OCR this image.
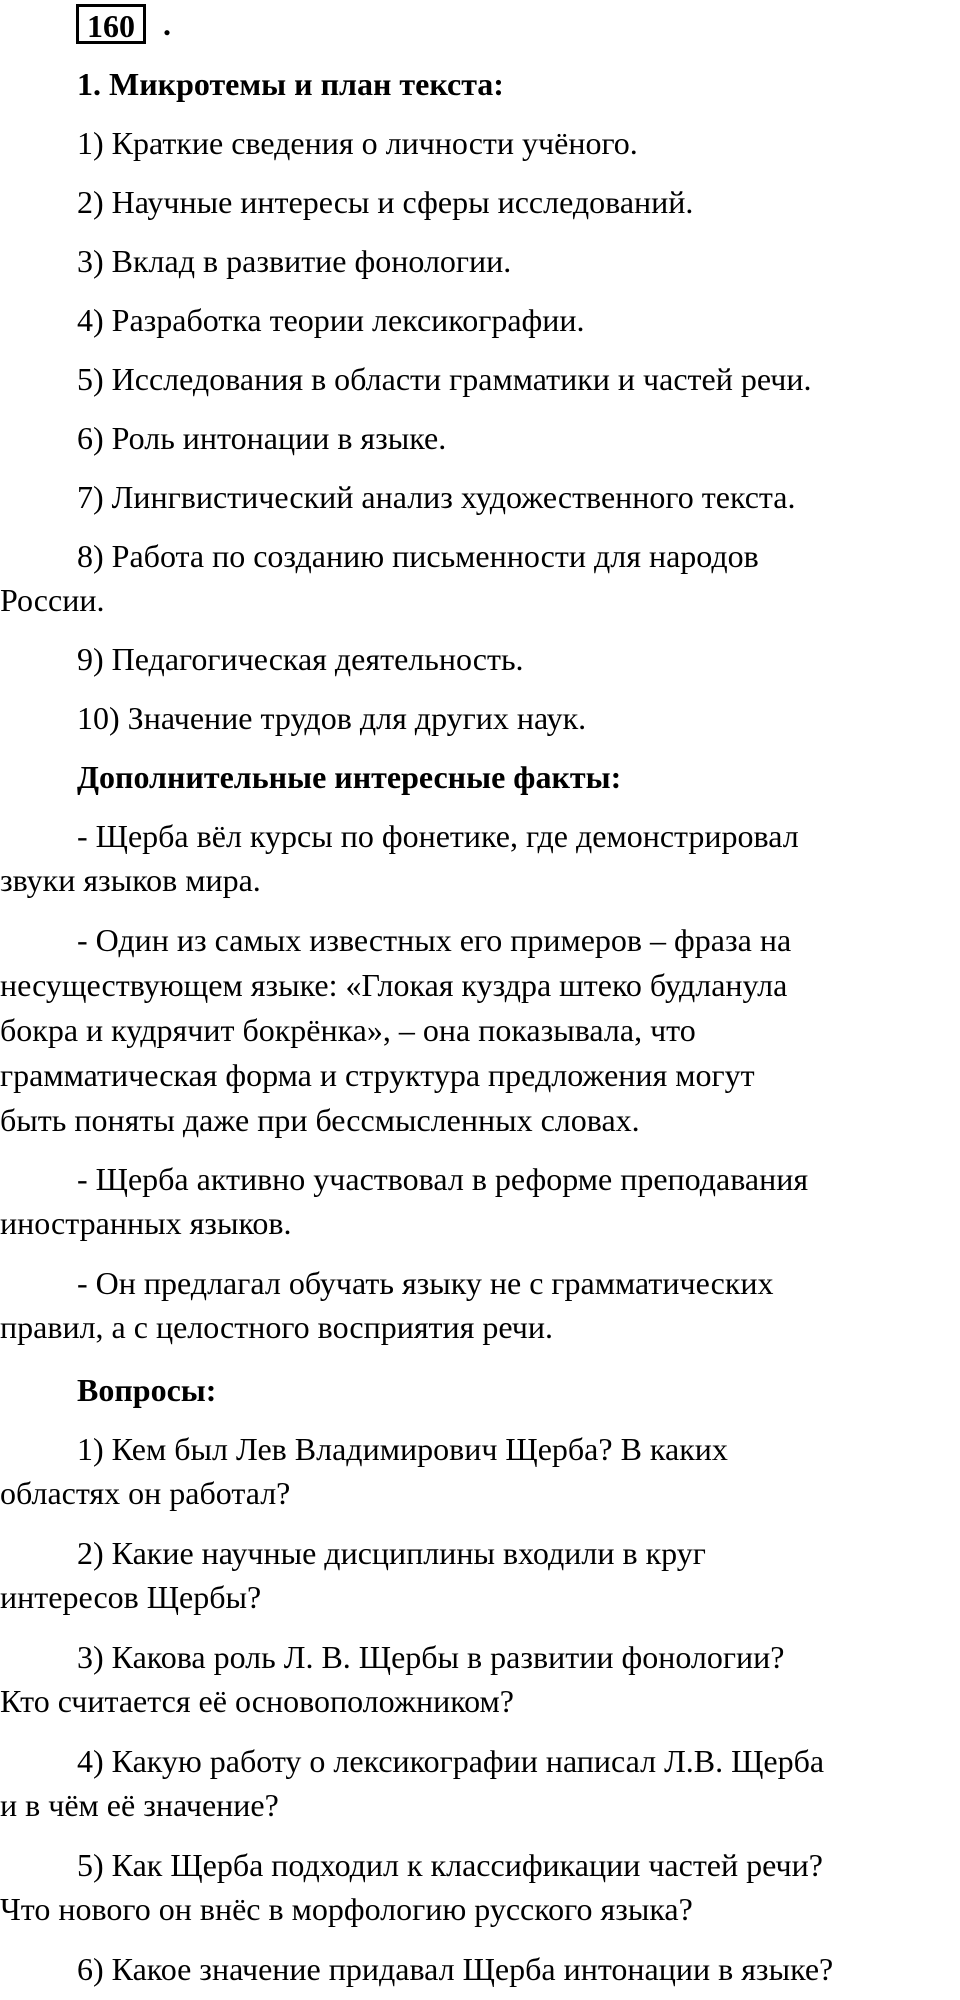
160 .
1. Микротемы и план текста:
1) Краткие сведения о личности учёного.
2) Научные интересы и сферы исследований.
3) Вклад в развитие фонологии.
4) Разработка теории лексикографии.
5) Исследования в области грамматики и частей речи.
6) Роль интонации в языке.
7) Лингвистический анализ художественного текста.
8) Работа по созданию письменности для народов
России.
9) Педагогическая деятельность.
10) Значение трудов для других наук.
Дополнительные интересные факты:
- Щерба вёл курсы по фонетике, где демонстрировал
звуки языков мира.
- Один из самых известных его примеров – фраза на
несуществующем языке: «Глокая куздра штеко будланула
бокра и кудрячит бокрёнка», – она показывала, что
грамматическая форма и структура предложения могут
быть поняты даже при бессмысленных словах.
- Щерба активно участвовал в реформе преподавания
иностранных языков.
- Он предлагал обучать языку не с грамматических
правил, а с целостного восприятия речи.
Вопросы:
1) Кем был Лев Владимирович Щерба? В каких
областях он работал?
2) Какие научные дисциплины входили в круг
интересов Щербы?
3) Какова роль Л. В. Щербы в развитии фонологии?
Кто считается её основоположником?
4) Какую работу о лексикографии написал Л.В. Щерба
и в чём её значение?
5) Как Щерба подходил к классификации частей речи?
Что нового он внёс в морфологию русского языка?
6) Какое значение придавал Щерба интонации в языке?
